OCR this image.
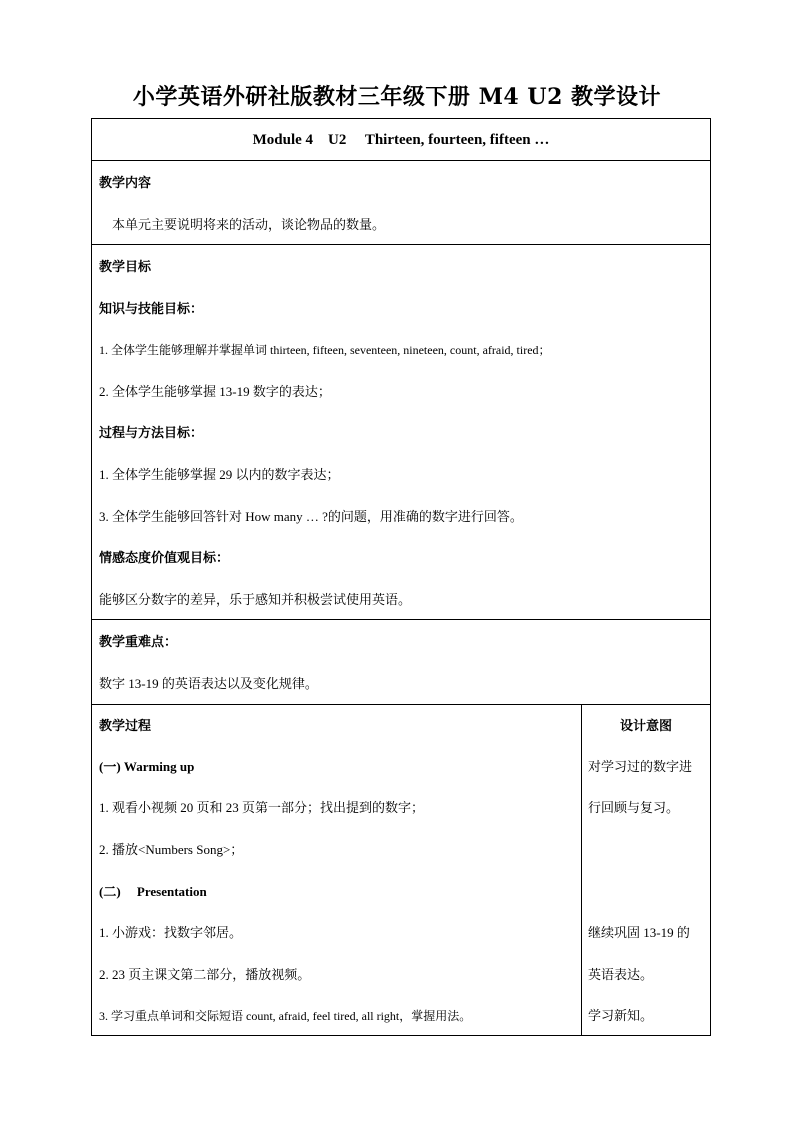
小学英语外研社版教材三年级下册 M4 U2 教学设计
Module 4    U2     Thirteen, fourteen, fifteen …
教学内容
本单元主要说明将来的活动，谈论物品的数量。
教学目标
知识与技能目标：
1. 全体学生能够理解并掌握单词 thirteen, fifteen, seventeen, nineteen, count, afraid, tired；
2. 全体学生能够掌握 13-19 数字的表达；
过程与方法目标：
1. 全体学生能够掌握 29 以内的数字表达；
3. 全体学生能够回答针对 How many … ?的问题，用准确的数字进行回答。
情感态度价值观目标：
能够区分数字的差异，乐于感知并积极尝试使用英语。
教学重难点：
数字 13-19 的英语表达以及变化规律。
教学过程	设计意图
(一) Warming up
1. 观看小视频 20 页和 23 页第一部分；找出提到的数字；
2. 播放<Numbers Song>；
(二)     Presentation
1. 小游戏：找数字邻居。
2. 23 页主课文第二部分，播放视频。
3. 学习重点单词和交际短语 count, afraid, feel tired, all right，掌握用法。
对学习过的数字进
行回顾与复习。
继续巩固 13-19 的
英语表达。
学习新知。
